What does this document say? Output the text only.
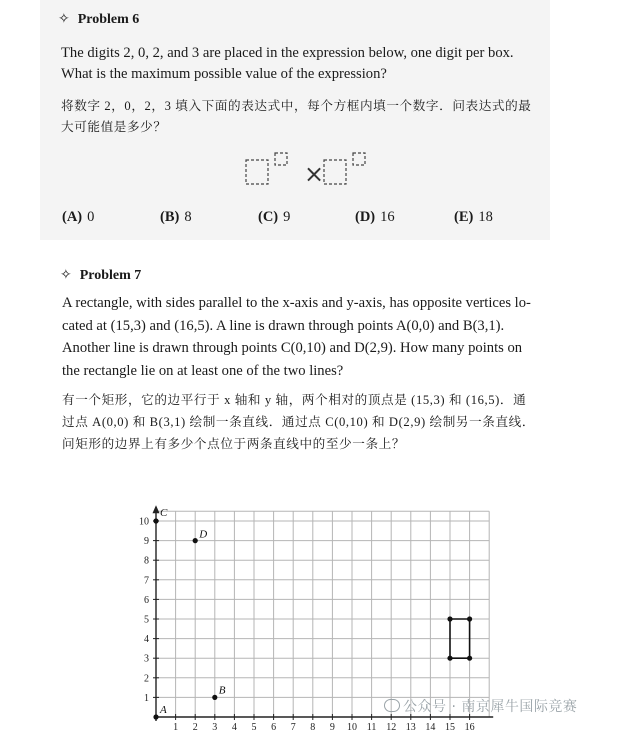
✧ Problem 6
The digits 2, 0, 2, and 3 are placed in the expression below, one digit per box.
What is the maximum possible value of the expression?
将数字 2，0，2，3 填入下面的表达式中，每个方框内填一个数字．问表达式的最
大可能值是多少？
×
(A) 0	(B) 8	(C) 9	(D) 16	(E) 18
✧ Problem 7
A rectangle, with sides parallel to the x-axis and y-axis, has opposite vertices lo-
cated at (15,3) and (16,5). A line is drawn through points A(0,0) and B(3,1).
Another line is drawn through points C(0,10) and D(2,9). How many points on
the rectangle lie on at least one of the two lines?
有一个矩形，它的边平行于 x 轴和 y 轴，两个相对的顶点是 (15,3) 和 (16,5)．通
过点 A(0,0) 和 B(3,1) 绘制一条直线．通过点 C(0,10) 和 D(2,9) 绘制另一条直线．
问矩形的边界上有多少个点位于两条直线中的至少一条上？
1 2 3 4 5 6 7 8 9 10 11 12 13 14 15 16
1
2
3
4
5
6
7
8
9
10
A
B
C
D
公众号 · 南京犀牛国际竞赛
